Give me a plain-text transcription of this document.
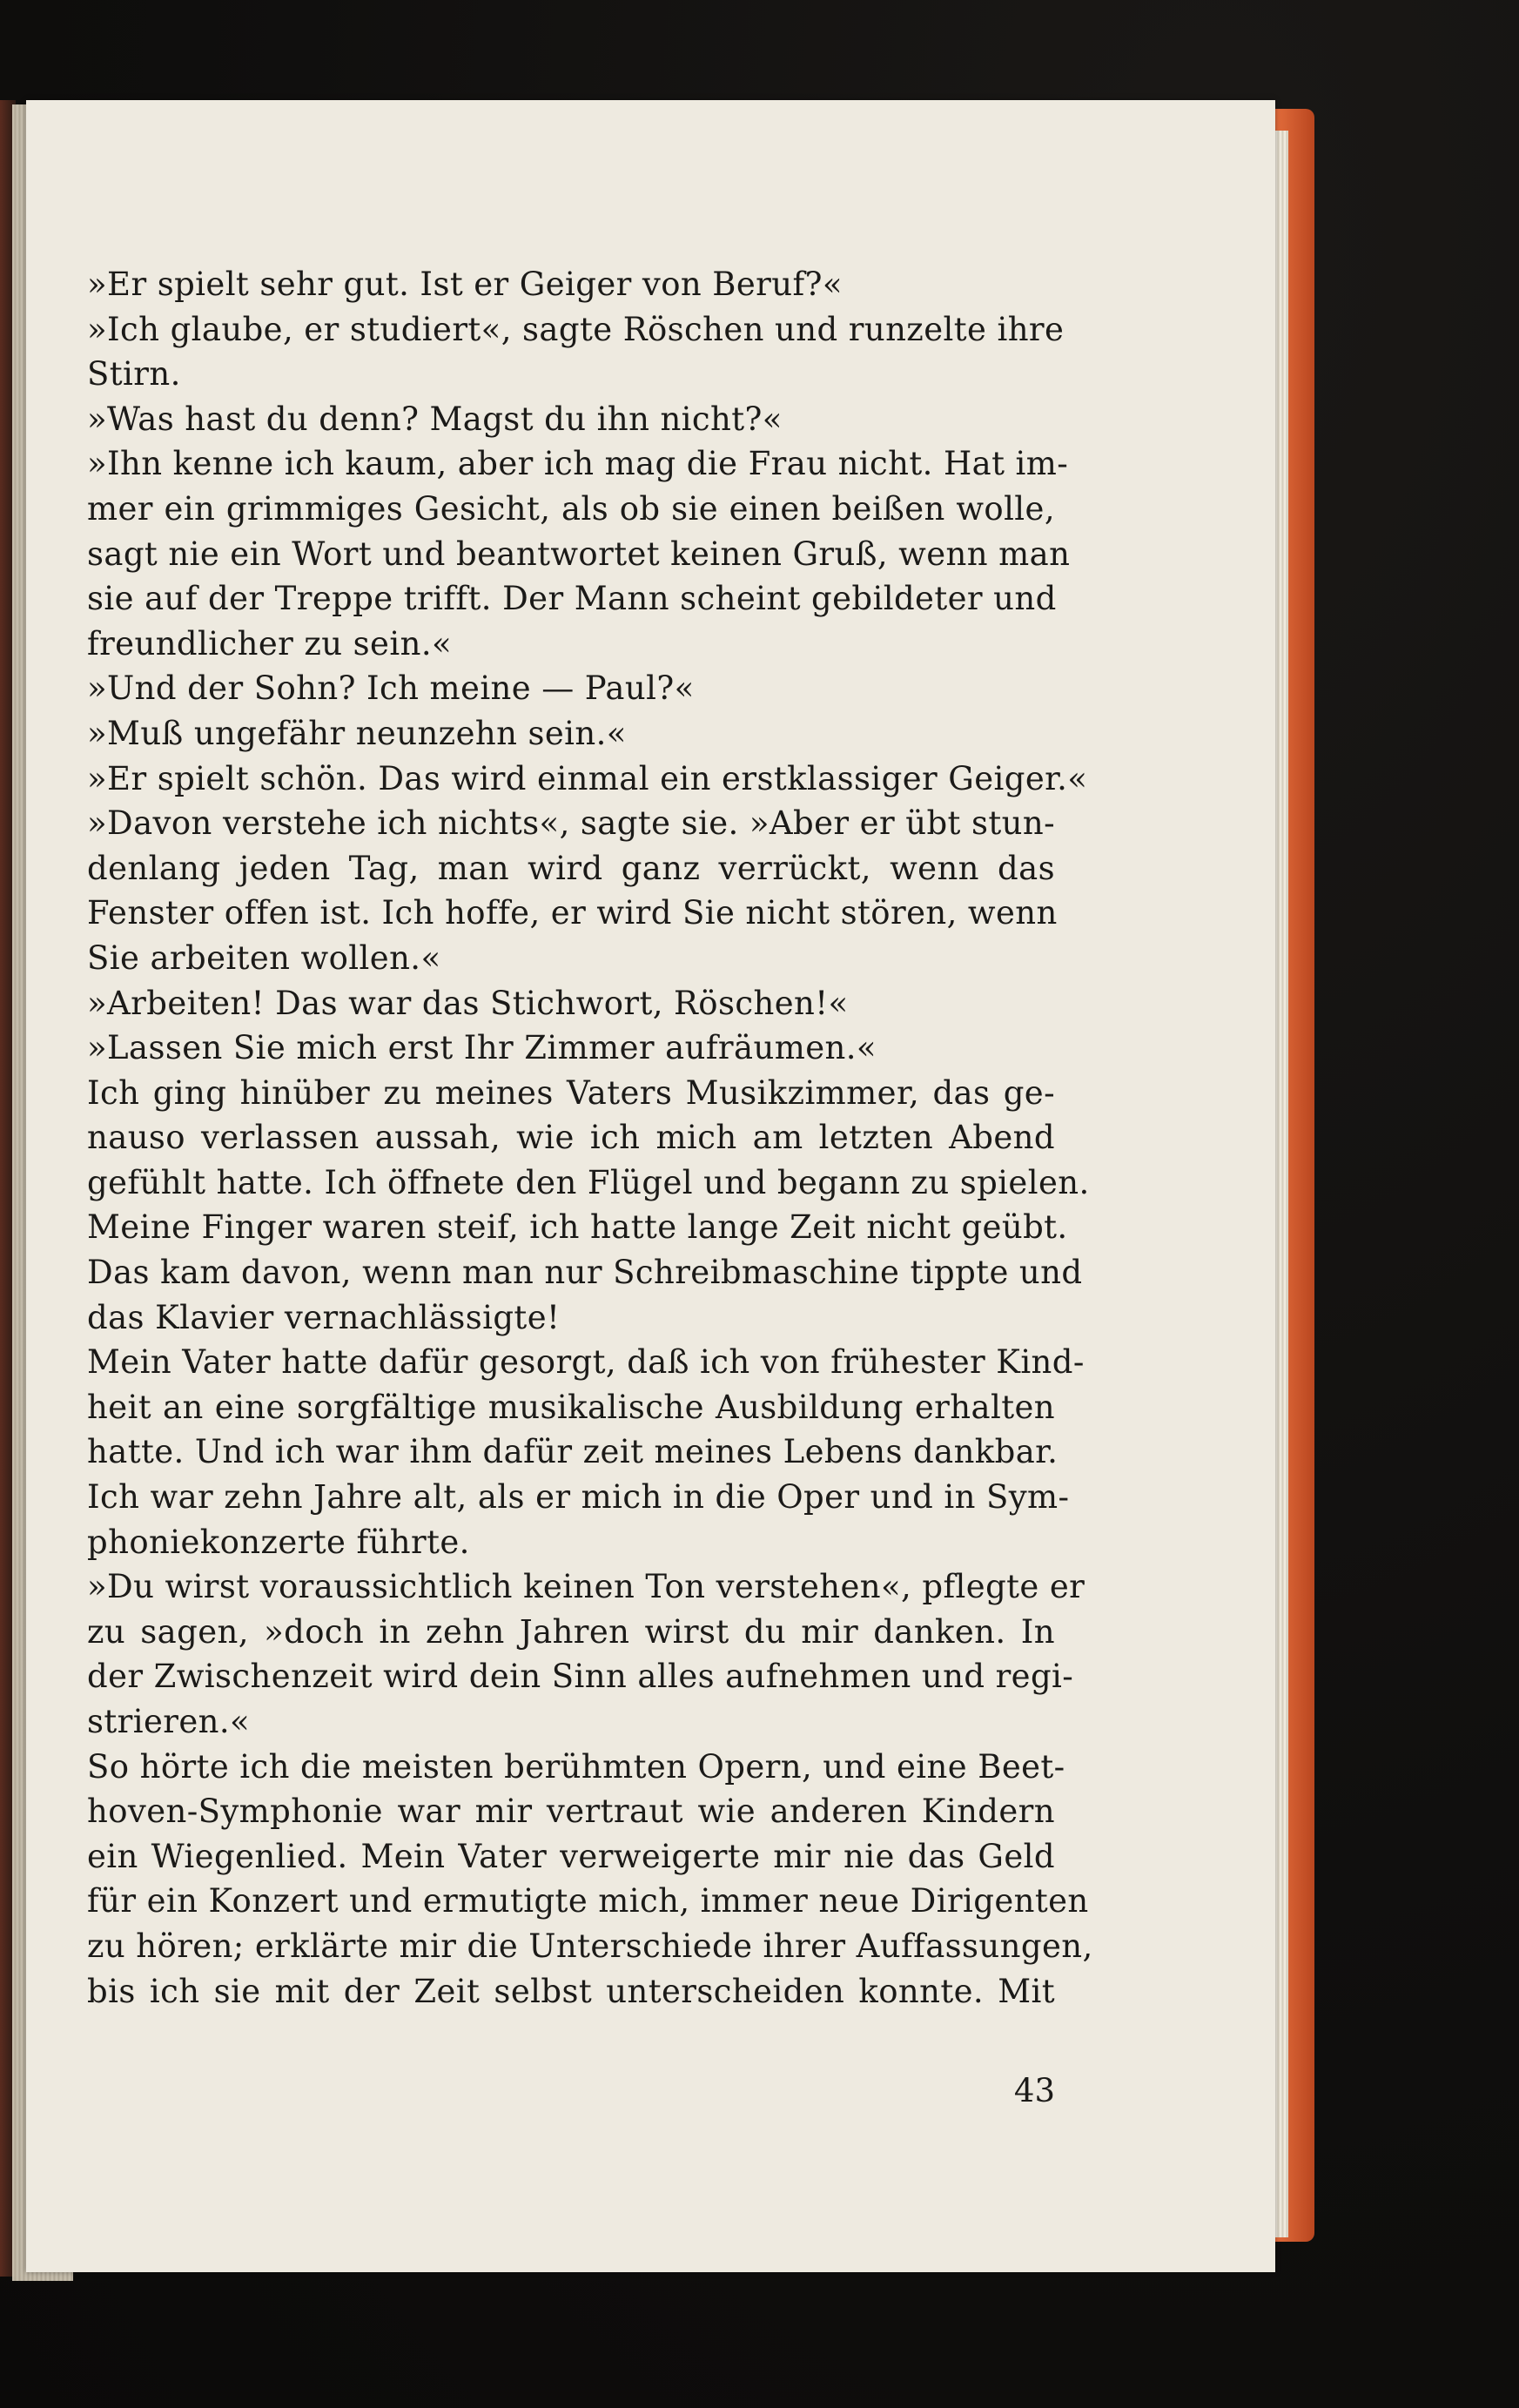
»Er spielt sehr gut. Ist er Geiger von Beruf?«
»Ich glaube, er studiert«, sagte Röschen und runzelte ihre
Stirn.
»Was hast du denn? Magst du ihn nicht?«
»Ihn kenne ich kaum, aber ich mag die Frau nicht. Hat im-
mer ein grimmiges Gesicht, als ob sie einen beißen wolle,
sagt nie ein Wort und beantwortet keinen Gruß, wenn man
sie auf der Treppe trifft. Der Mann scheint gebildeter und
freundlicher zu sein.«
»Und der Sohn? Ich meine — Paul?«
»Muß ungefähr neunzehn sein.«
»Er spielt schön. Das wird einmal ein erstklassiger Geiger.«
»Davon verstehe ich nichts«, sagte sie. »Aber er übt stun-
denlang jeden Tag, man wird ganz verrückt, wenn das
Fenster offen ist. Ich hoffe, er wird Sie nicht stören, wenn
Sie arbeiten wollen.«
»Arbeiten! Das war das Stichwort, Röschen!«
»Lassen Sie mich erst Ihr Zimmer aufräumen.«
Ich ging hinüber zu meines Vaters Musikzimmer, das ge-
nauso verlassen aussah, wie ich mich am letzten Abend
gefühlt hatte. Ich öffnete den Flügel und begann zu spielen.
Meine Finger waren steif, ich hatte lange Zeit nicht geübt.
Das kam davon, wenn man nur Schreibmaschine tippte und
das Klavier vernachlässigte!
Mein Vater hatte dafür gesorgt, daß ich von frühester Kind-
heit an eine sorgfältige musikalische Ausbildung erhalten
hatte. Und ich war ihm dafür zeit meines Lebens dankbar.
Ich war zehn Jahre alt, als er mich in die Oper und in Sym-
phoniekonzerte führte.
»Du wirst voraussichtlich keinen Ton verstehen«, pflegte er
zu sagen, »doch in zehn Jahren wirst du mir danken. In
der Zwischenzeit wird dein Sinn alles aufnehmen und regi-
strieren.«
So hörte ich die meisten berühmten Opern, und eine Beet-
hoven-Symphonie war mir vertraut wie anderen Kindern
ein Wiegenlied. Mein Vater verweigerte mir nie das Geld
für ein Konzert und ermutigte mich, immer neue Dirigenten
zu hören; erklärte mir die Unterschiede ihrer Auffassungen,
bis ich sie mit der Zeit selbst unterscheiden konnte. Mit
43
